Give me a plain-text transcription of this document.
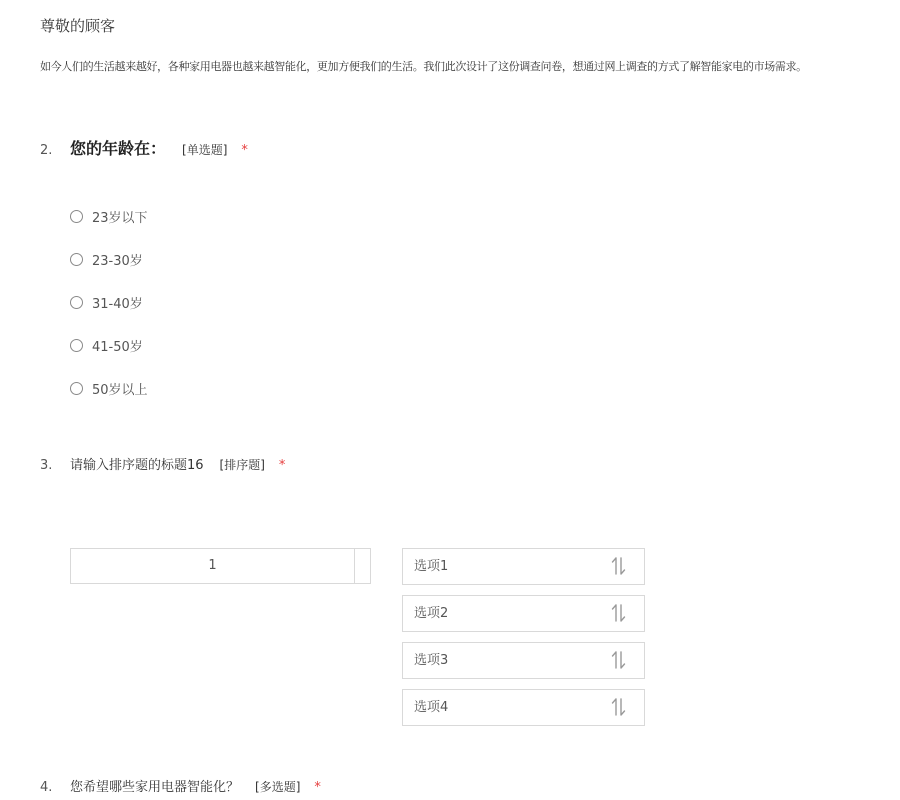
尊敬的顾客
如今人们的生活越来越好，各种家用电器也越来越智能化，更加方便我们的生活。我们此次设计了这份调查问卷，想通过网上调查的方式了解智能家电的市场需求。
2.	您的年龄在： [单选题] *
23岁以下
23-30岁
31-40岁
41-50岁
50岁以上
3.	请输入排序题的标题16 [排序题] *
1	选项1
选项2
选项3
选项4
4.	您希望哪些家用电器智能化？ [多选题] *
